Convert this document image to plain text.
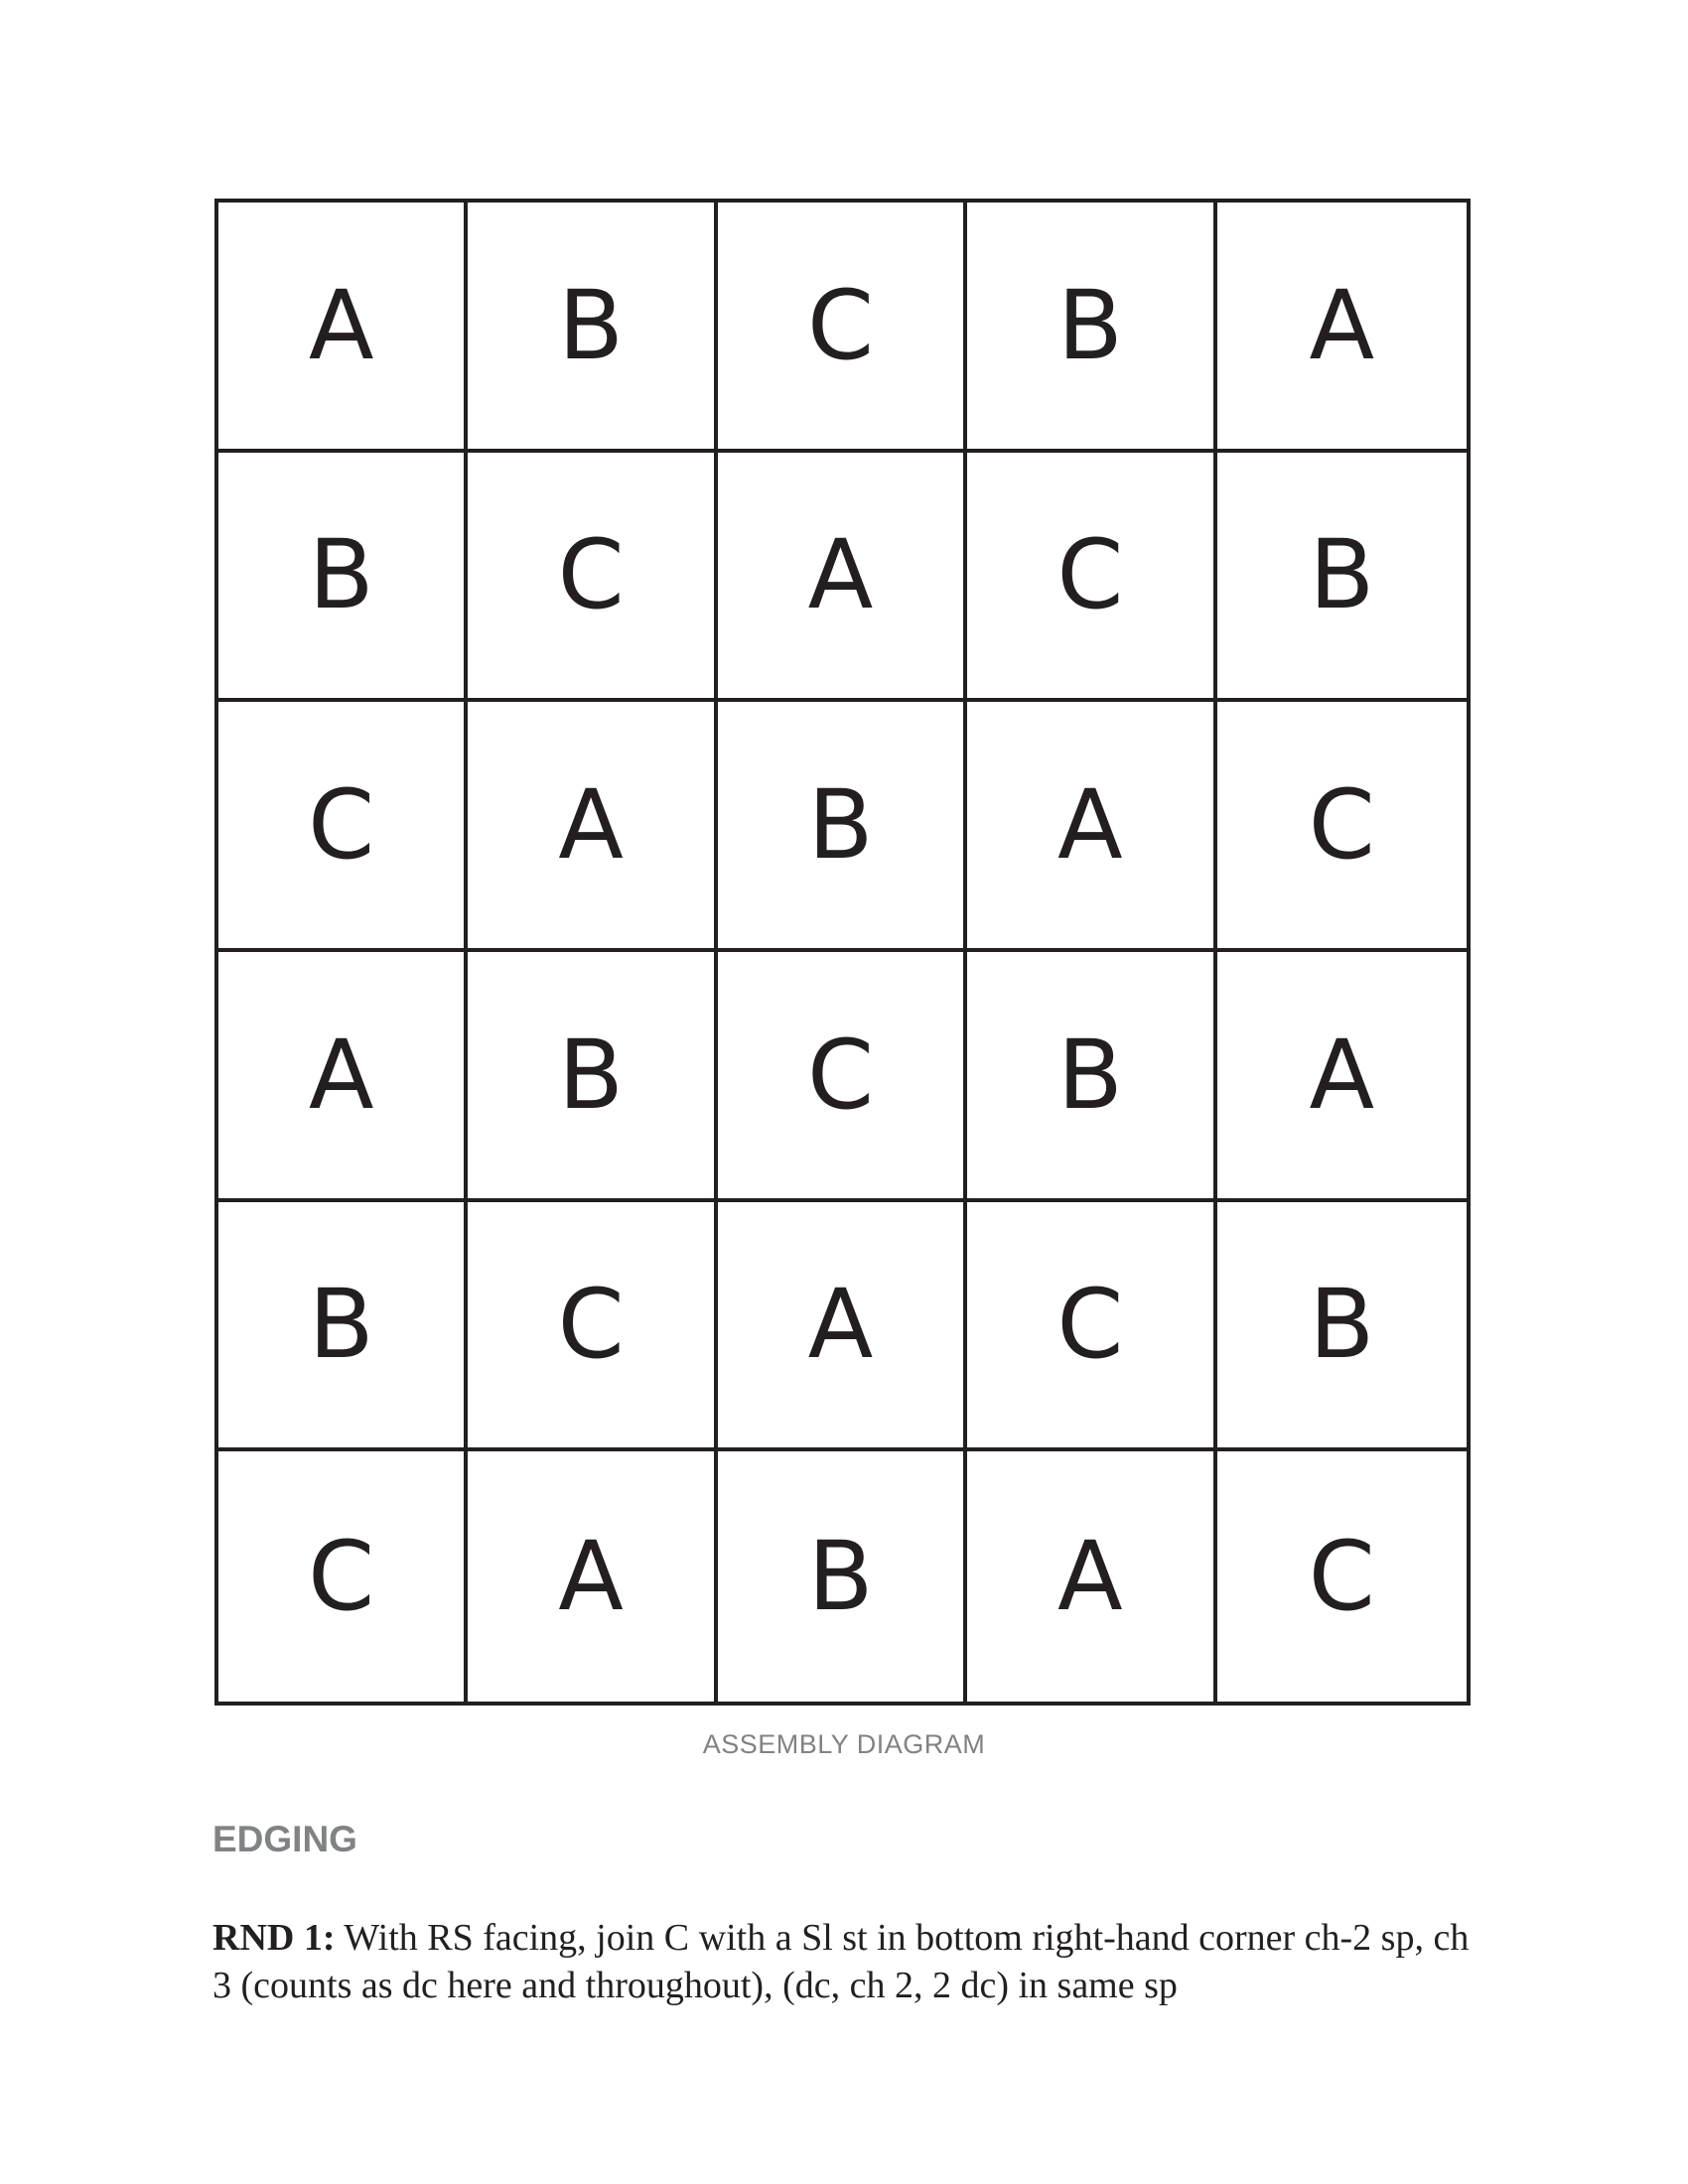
A	B	C	B	A
B	C	A	C	B
C	A	B	A	C
A	B	C	B	A
B	C	A	C	B
C	A	B	A	C
ASSEMBLY DIAGRAM
EDGING

RND 1: With RS facing, join C with a Sl st in bottom right-hand corner ch-2 sp, ch 3 (counts as dc here and throughout), (dc, ch 2, 2 dc) in same sp
